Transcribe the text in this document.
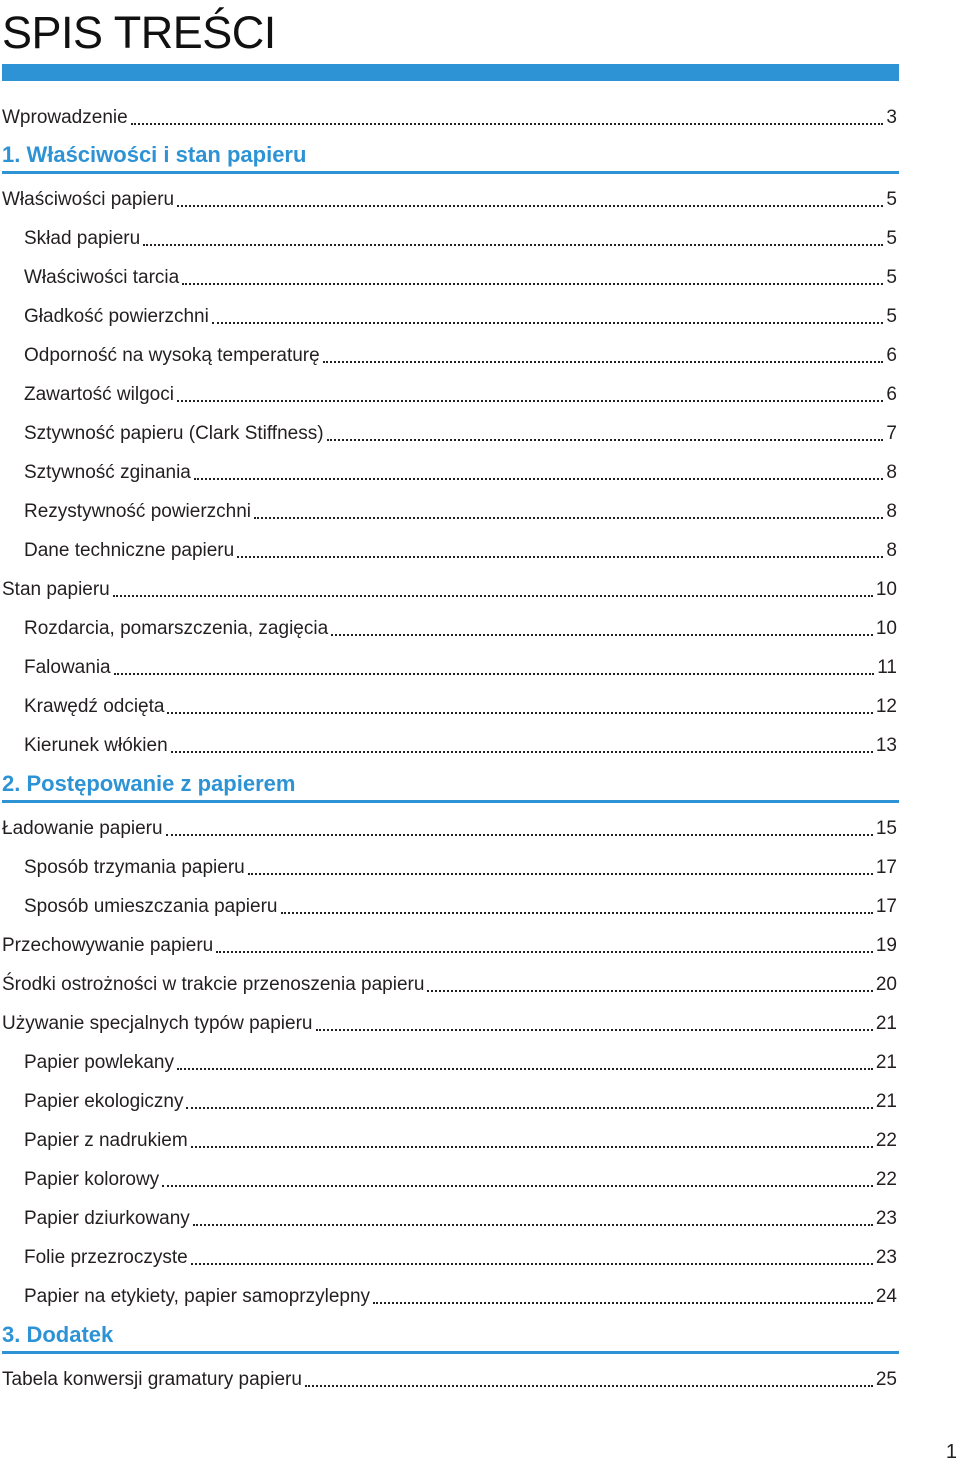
SPIS TREŚCI
Wprowadzenie	3
1. Właściwości i stan papieru
Właściwości papieru	5
Skład papieru	5
Właściwości tarcia	5
Gładkość powierzchni	5
Odporność na wysoką temperaturę	6
Zawartość wilgoci	6
Sztywność papieru (Clark Stiffness)	7
Sztywność zginania	8
Rezystywność powierzchni	8
Dane techniczne papieru	8
Stan papieru	10
Rozdarcia, pomarszczenia, zagięcia	10
Falowania	11
Krawędź odcięta	12
Kierunek włókien	13
2. Postępowanie z papierem
Ładowanie papieru	15
Sposób trzymania papieru	17
Sposób umieszczania papieru	17
Przechowywanie papieru	19
Środki ostrożności w trakcie przenoszenia papieru	20
Używanie specjalnych typów papieru	21
Papier powlekany	21
Papier ekologiczny	21
Papier z nadrukiem	22
Papier kolorowy	22
Papier dziurkowany	23
Folie przezroczyste	23
Papier na etykiety, papier samoprzylepny	24
3. Dodatek
Tabela konwersji gramatury papieru	25
1
